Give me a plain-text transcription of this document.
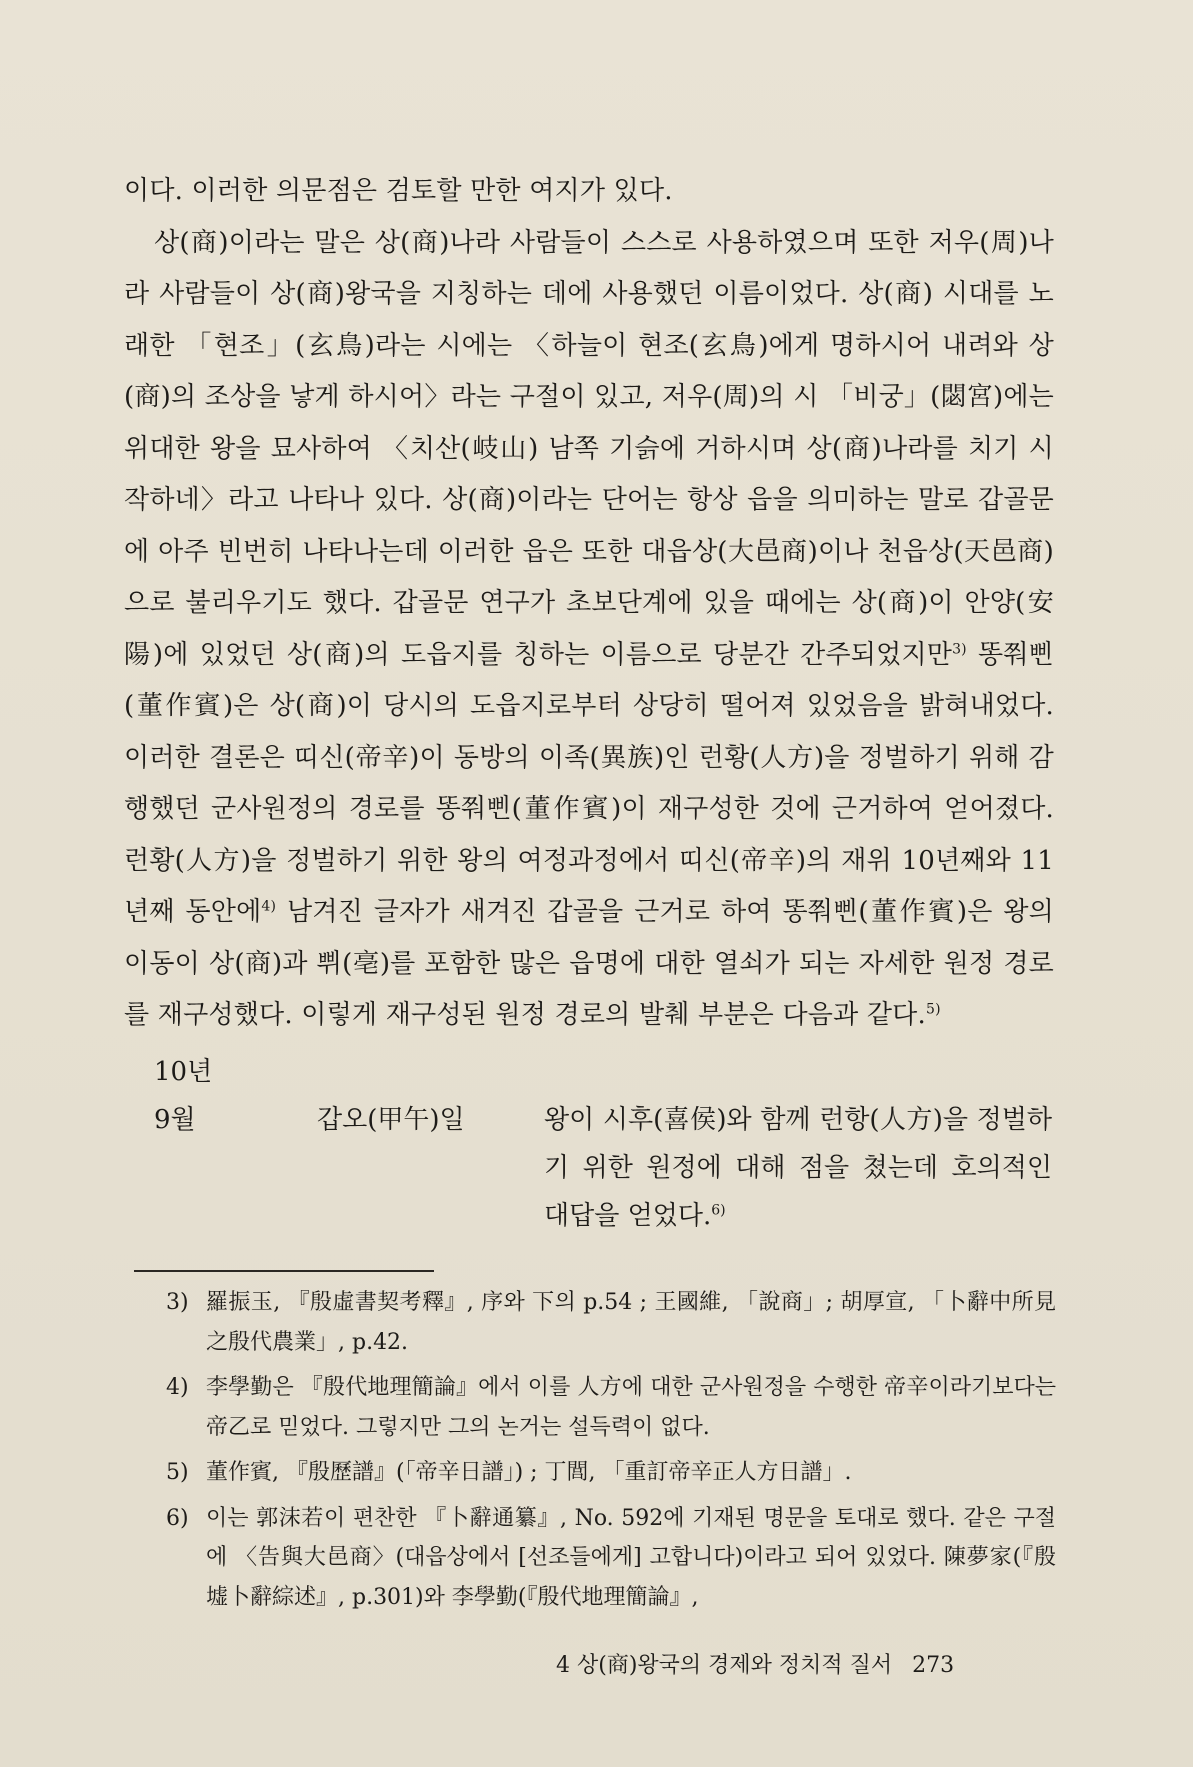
이다. 이러한 의문점은 검토할 만한 여지가 있다.

상(商)이라는 말은 상(商)나라 사람들이 스스로 사용하였으며 또한 저우(周)나라 사람들이 상(商)왕국을 지칭하는 데에 사용했던 이름이었다. 상(商) 시대를 노래한 「현조」(玄鳥)라는 시에는 〈하늘이 현조(玄鳥)에게 명하시어 내려와 상(商)의 조상을 낳게 하시어〉라는 구절이 있고, 저우(周)의 시 「비궁」(閟宮)에는 위대한 왕을 묘사하여 〈치산(岐山) 남쪽 기슭에 거하시며 상(商)나라를 치기 시작하네〉라고 나타나 있다. 상(商)이라는 단어는 항상 읍을 의미하는 말로 갑골문에 아주 빈번히 나타나는데 이러한 읍은 또한 대읍상(大邑商)이나 천읍상(天邑商)으로 불리우기도 했다. 갑골문 연구가 초보단계에 있을 때에는 상(商)이 안양(安陽)에 있었던 상(商)의 도읍지를 칭하는 이름으로 당분간 간주되었지만$^{3)}$ 똥쭤삔(董作賓)은 상(商)이 당시의 도읍지로부터 상당히 떨어져 있었음을 밝혀내었다. 이러한 결론은 띠신(帝辛)이 동방의 이족(異族)인 런황(人方)을 정벌하기 위해 감행했던 군사원정의 경로를 똥쭤삔(董作賓)이 재구성한 것에 근거하여 얻어졌다. 런황(人方)을 정벌하기 위한 왕의 여정과정에서 띠신(帝辛)의 재위 10년째와 11년째 동안에$^{4)}$ 남겨진 글자가 새겨진 갑골을 근거로 하여 똥쭤삔(董作賓)은 왕의 이동이 상(商)과 쀠(亳)를 포함한 많은 읍명에 대한 열쇠가 되는 자세한 원정 경로를 재구성했다. 이렇게 재구성된 원정 경로의 발췌 부분은 다음과 같다.$^{5)}$

10년
9월	갑오(甲午)일	왕이 시후(喜侯)와 함께 런항(人方)을 정벌하기 위한 원정에 대해 점을 쳤는데 호의적인 대답을 얻었다.$^{6)}$

3) 羅振玉, 『殷虛書契考釋』, 序와 下의 p.54 ; 王國維, 「說商」; 胡厚宣, 「卜辭中所見之殷代農業」, p.42.

4) 李學勤은 『殷代地理簡論』에서 이를 人方에 대한 군사원정을 수행한 帝辛이라기보다는 帝乙로 믿었다. 그렇지만 그의 논거는 설득력이 없다.

5) 董作賓, 『殷歷譜』(「帝辛日譜」) ; 丁閭, 「重訂帝辛正人方日譜」.

6) 이는 郭沫若이 편찬한 『卜辭通纂』, No. 592에 기재된 명문을 토대로 했다. 같은 구절에 〈告與大邑商〉(대읍상에서 [선조들에게] 고합니다)이라고 되어 있었다. 陳夢家(『殷墟卜辭綜述』, p.301)와 李學勤(『殷代地理簡論』,

4 상(商)왕국의 경제와 정치적 질서 273
